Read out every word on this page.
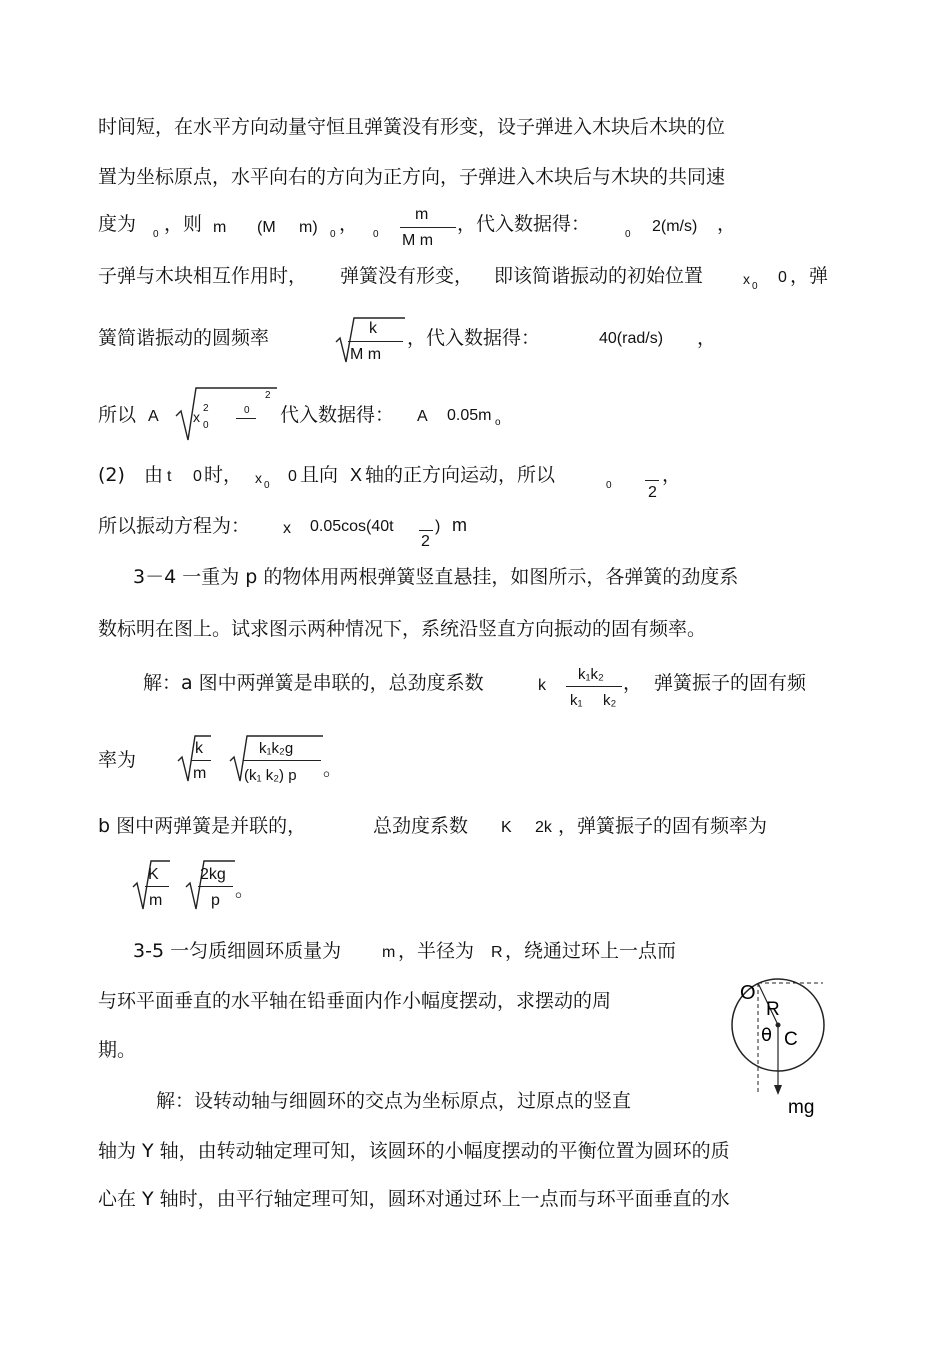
时间短，在水平方向动量守恒且弹簧没有形变，设子弹进入木块后木块的位
置为坐标原点，水平向右的方向为正方向，子弹进入木块后与木块的共同速
度为 0 ，则 m (M m) 0 ， 0
m
M m
，代入数据得：	0 2(m/s) ，
子弹与木块相互作用时， 弹簧没有形变， 即该简谐振动的初始位置	x 0
0 ，弹
簧简谐振动的圆频率	k
M m
，代入数据得：	40(rad/s) ，
所以 A x
2
0
0
2
代入数据得： A 0.05m o
(2) 由 t 0 时， x 0
0 且向 X 轴的正方向运动，所以	0 2
，
所以振动方程为： x 0.05cos(40t
2
) m
3－4 一重为 p 的物体用两根弹簧竖直悬挂，如图所示，各弹簧的劲度系
数标明在图上。试求图示两种情况下，系统沿竖直方向振动的固有频率。
解：a 图中两弹簧是串联的，总劲度系数	k
k₁k₂
k₁ k₂
， 弹簧振子的固有频
率为
k
m
k₁k₂g
(k₁ k₂) p 。
b 图中两弹簧是并联的，	总劲度系数 K 2k ，弹簧振子的固有频率为
K
m
2kg
p 。
3-5 一匀质细圆环质量为	m ，半径为 R ，绕通过环上一点而
与环平面垂直的水平轴在铅垂面内作小幅度摆动，求摆动的周
期。
解：设转动轴与细圆环的交点为坐标原点，过原点的竖直
轴为 Y 轴，由转动轴定理可知，该圆环的小幅度摆动的平衡位置为圆环的质
心在 Y 轴时，由平行轴定理可知，圆环对通过环上一点而与环平面垂直的水
O
R
θ C
mg
